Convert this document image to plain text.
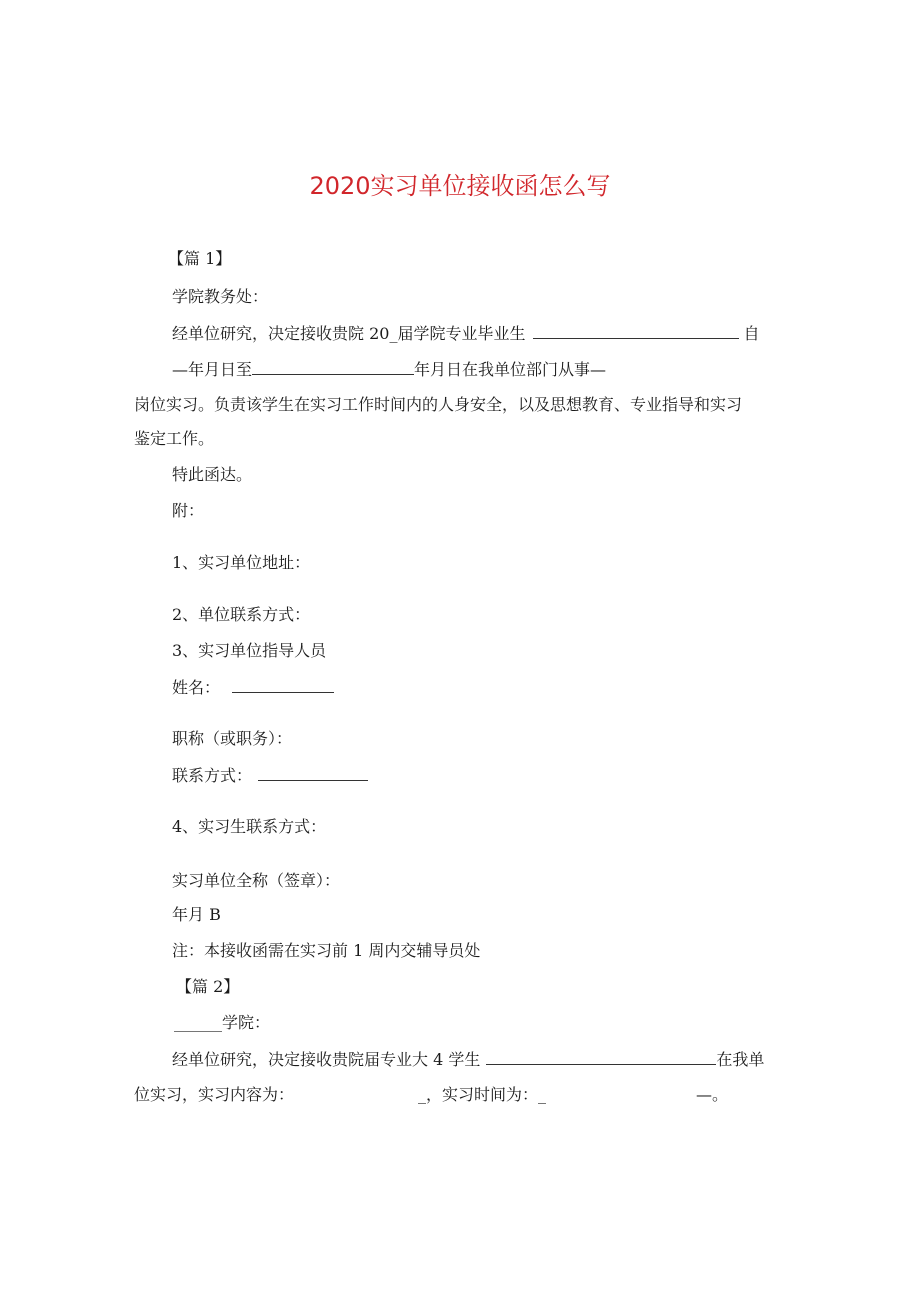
2020实习单位接收函怎么写
【篇 1】
学院教务处：
经单位研究，决定接收贵院 20_届学院专业毕业生	自
—年月日至	年月日在我单位部门从事—
岗位实习。负责该学生在实习工作时间内的人身安全，以及思想教育、专业指导和实习
鉴定工作。
特此函达。
附：
1、实习单位地址：
2、单位联系方式：
3、实习单位指导人员
姓名：
职称（或职务）：
联系方式：
4、实习生联系方式：
实习单位全称（签章）：
年月 B
注：本接收函需在实习前 1 周内交辅导员处
【篇 2】
______学院：
经单位研究，决定接收贵院届专业大 4 学生	在我单
位实习，实习内容为：	_，实习时间为：_	—。
